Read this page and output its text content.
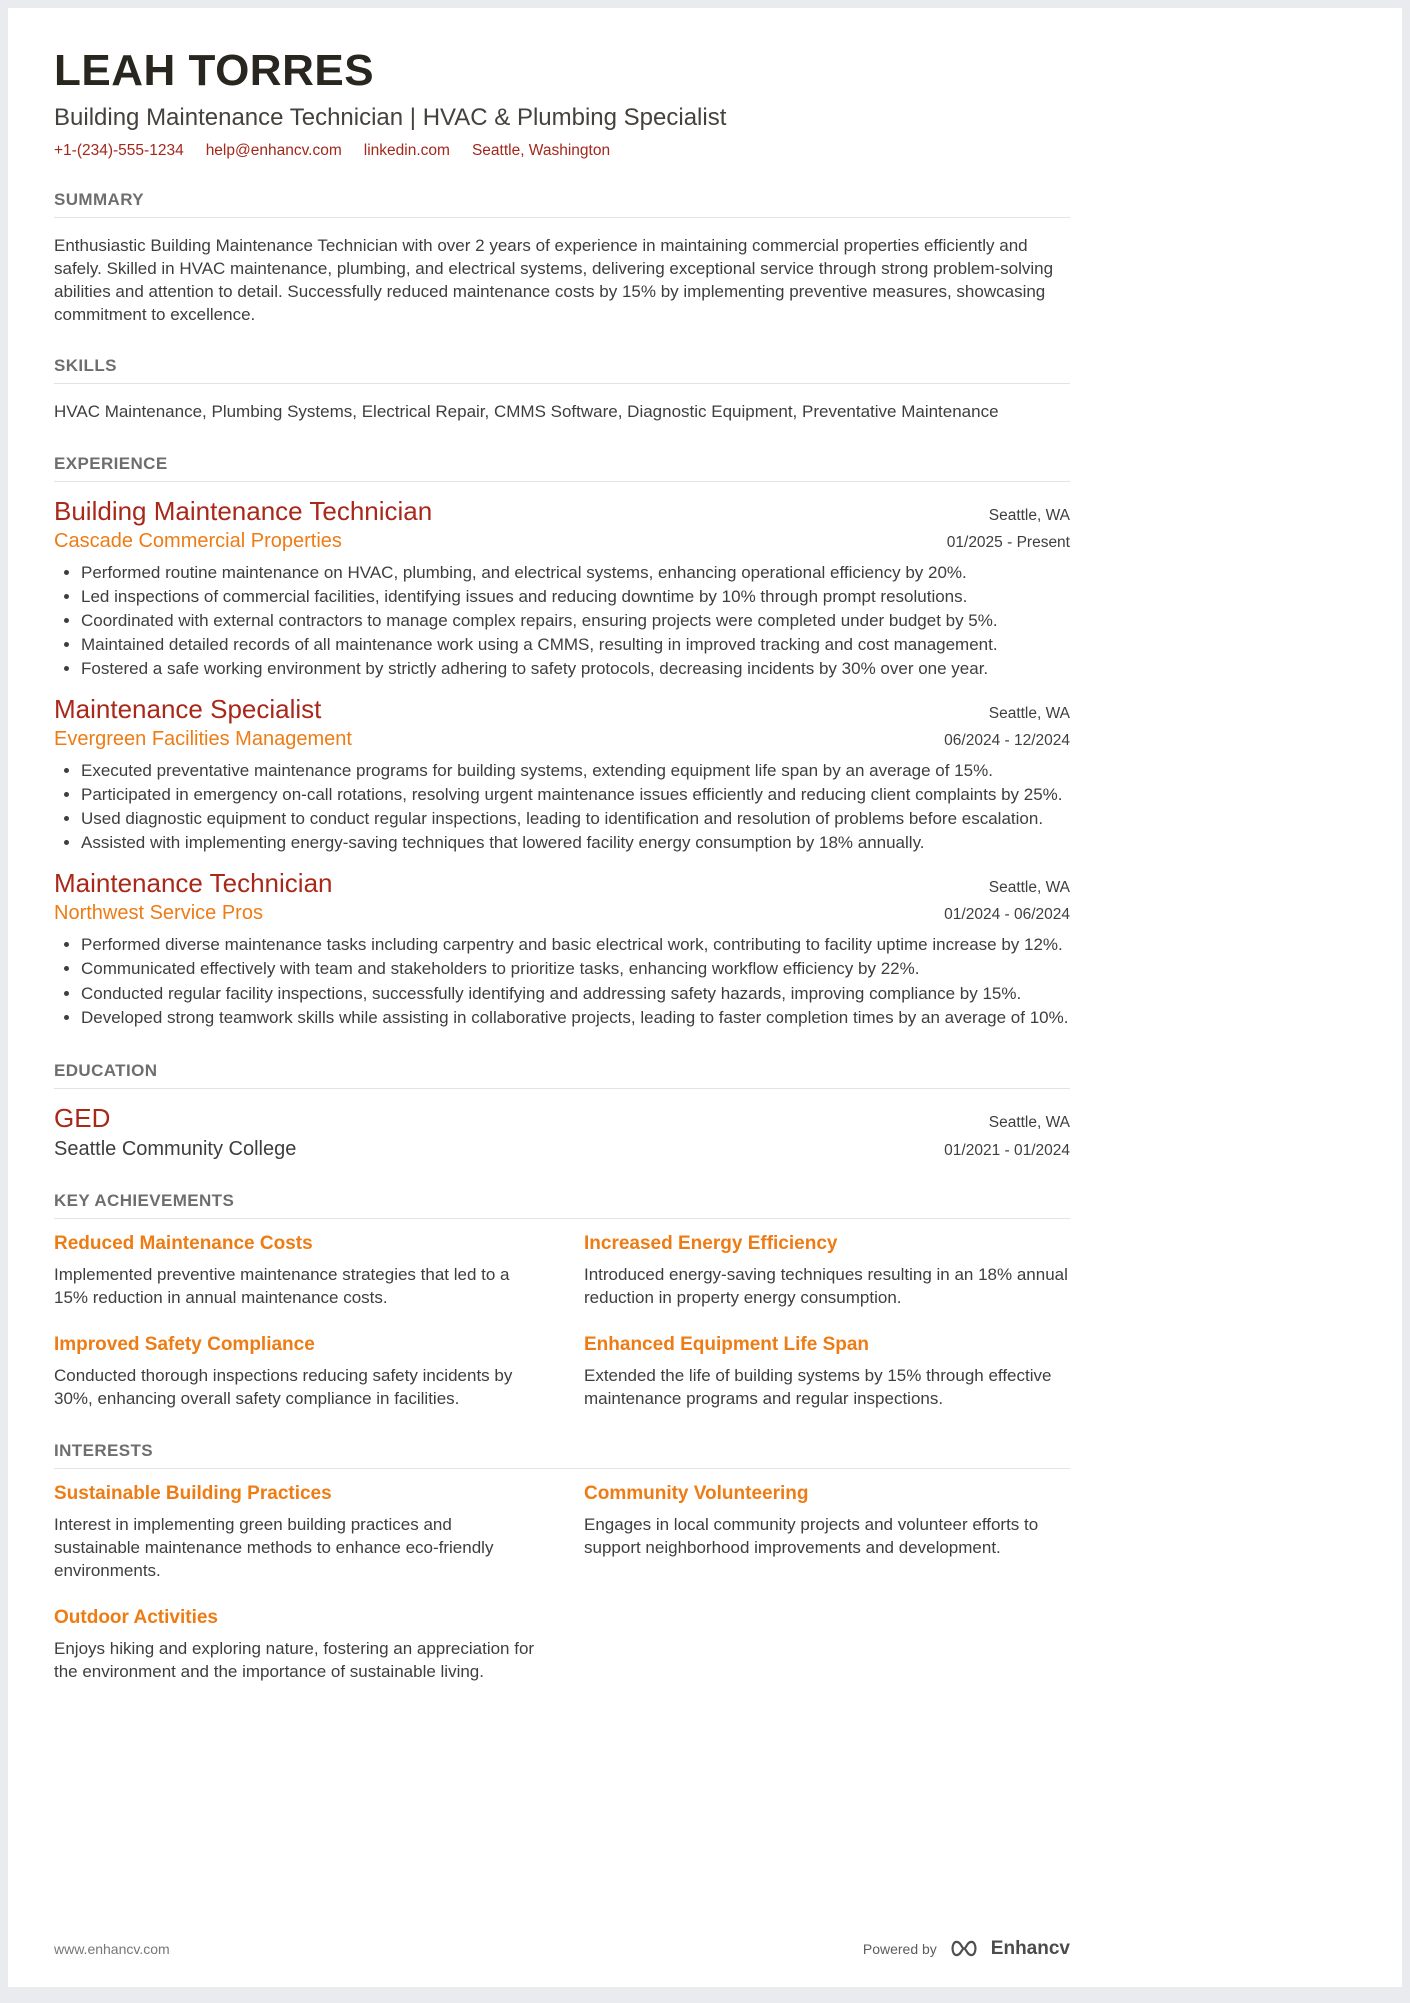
LEAH TORRES
Building Maintenance Technician | HVAC & Plumbing Specialist
+1-(234)-555-1234 help@enhancv.com linkedin.com Seattle, Washington
SUMMARY

Enthusiastic Building Maintenance Technician with over 2 years of experience in maintaining commercial properties efficiently and safely. Skilled in HVAC maintenance, plumbing, and electrical systems, delivering exceptional service through strong problem-solving abilities and attention to detail. Successfully reduced maintenance costs by 15% by implementing preventive measures, showcasing commitment to excellence.

SKILLS

HVAC Maintenance, Plumbing Systems, Electrical Repair, CMMS Software, Diagnostic Equipment, Preventative Maintenance

EXPERIENCE
Building Maintenance Technician	Seattle, WA
Cascade Commercial Properties	01/2025 - Present
• Performed routine maintenance on HVAC, plumbing, and electrical systems, enhancing operational efficiency by 20%.
• Led inspections of commercial facilities, identifying issues and reducing downtime by 10% through prompt resolutions.
• Coordinated with external contractors to manage complex repairs, ensuring projects were completed under budget by 5%.
• Maintained detailed records of all maintenance work using a CMMS, resulting in improved tracking and cost management.
• Fostered a safe working environment by strictly adhering to safety protocols, decreasing incidents by 30% over one year.
Maintenance Specialist	Seattle, WA
Evergreen Facilities Management	06/2024 - 12/2024
• Executed preventative maintenance programs for building systems, extending equipment life span by an average of 15%.
• Participated in emergency on-call rotations, resolving urgent maintenance issues efficiently and reducing client complaints by 25%.
• Used diagnostic equipment to conduct regular inspections, leading to identification and resolution of problems before escalation.
• Assisted with implementing energy-saving techniques that lowered facility energy consumption by 18% annually.
Maintenance Technician	Seattle, WA
Northwest Service Pros	01/2024 - 06/2024
• Performed diverse maintenance tasks including carpentry and basic electrical work, contributing to facility uptime increase by 12%.
• Communicated effectively with team and stakeholders to prioritize tasks, enhancing workflow efficiency by 22%.
• Conducted regular facility inspections, successfully identifying and addressing safety hazards, improving compliance by 15%.
• Developed strong teamwork skills while assisting in collaborative projects, leading to faster completion times by an average of 10%.
EDUCATION
GED	Seattle, WA
Seattle Community College	01/2021 - 01/2024
KEY ACHIEVEMENTS
Reduced Maintenance Costs

Implemented preventive maintenance strategies that led to a 15% reduction in annual maintenance costs.

Increased Energy Efficiency

Introduced energy-saving techniques resulting in an 18% annual reduction in property energy consumption.

Improved Safety Compliance

Conducted thorough inspections reducing safety incidents by 30%, enhancing overall safety compliance in facilities.

Enhanced Equipment Life Span

Extended the life of building systems by 15% through effective maintenance programs and regular inspections.

INTERESTS
Sustainable Building Practices

Interest in implementing green building practices and sustainable maintenance methods to enhance eco-friendly environments.

Community Volunteering

Engages in local community projects and volunteer efforts to support neighborhood improvements and development.

Outdoor Activities

Enjoys hiking and exploring nature, fostering an appreciation for the environment and the importance of sustainable living.

www.enhancv.com	Powered by	Enhancv
